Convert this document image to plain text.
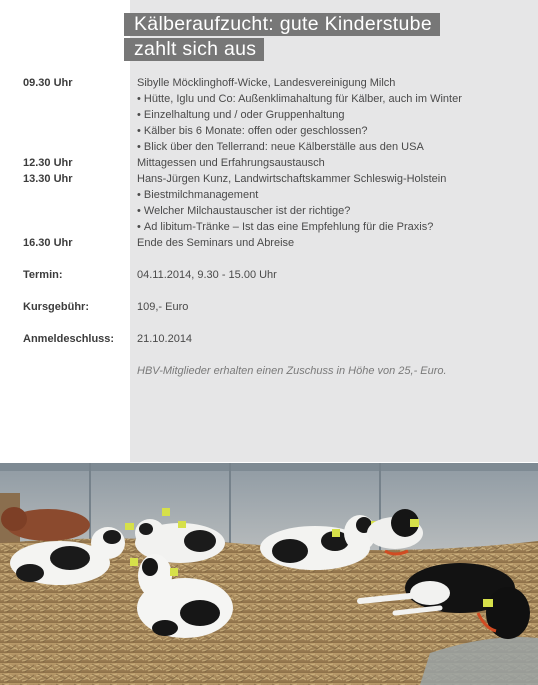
Kälberaufzucht: gute Kinderstube
zahlt sich aus
09.30 Uhr	Sibylle Möcklinghoff-Wicke, Landesvereinigung Milch
• Hütte, Iglu und Co: Außenklimahaltung für Kälber, auch im Winter
• Einzelhaltung und / oder Gruppenhaltung
• Kälber bis 6 Monate: offen oder geschlossen?
• Blick über den Tellerrand: neue Kälberställe aus den USA
12.30 Uhr	Mittagessen und Erfahrungsaustausch
13.30 Uhr	Hans-Jürgen Kunz, Landwirtschaftskammer Schleswig-Holstein
• Biestmilchmanagement
• Welcher Milchaustauscher ist der richtige?
• Ad libitum-Tränke – Ist das eine Empfehlung für die Praxis?
16.30 Uhr	Ende des Seminars und Abreise
Termin:	04.11.2014, 9.30 - 15.00 Uhr
Kursgebühr:	109,- Euro
Anmeldeschluss: 21.10.2014
HBV-Mitglieder erhalten einen Zuschuss in Höhe von 25,- Euro.
